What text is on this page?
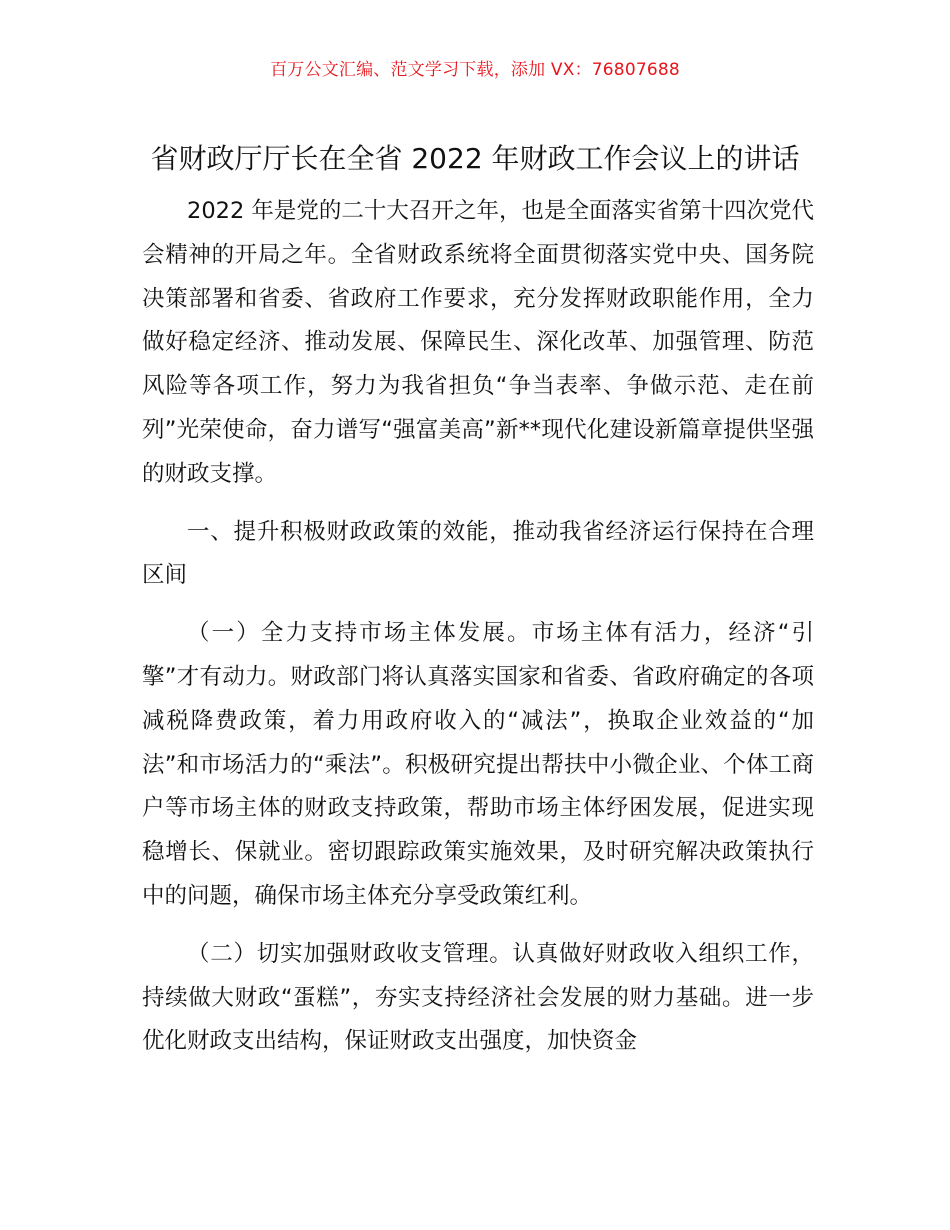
百万公文汇编、范文学习下载，添加 VX：76807688
省财政厅厅长在全省 2022 年财政工作会议上的讲话

2022 年是党的二十大召开之年，也是全面落实省第十四次党代会精神的开局之年。全省财政系统将全面贯彻落实党中央、国务院决策部署和省委、省政府工作要求，充分发挥财政职能作用，全力做好稳定经济、推动发展、保障民生、深化改革、加强管理、防范风险等各项工作，努力为我省担负“争当表率、争做示范、走在前列”光荣使命，奋力谱写“强富美高”新**现代化建设新篇章提供坚强的财政支撑。

一、提升积极财政政策的效能，推动我省经济运行保持在合理区间

（一）全力支持市场主体发展。市场主体有活力，经济“引擎”才有动力。财政部门将认真落实国家和省委、省政府确定的各项减税降费政策，着力用政府收入的“减法”，换取企业效益的“加法”和市场活力的“乘法”。积极研究提出帮扶中小微企业、个体工商户等市场主体的财政支持政策，帮助市场主体纾困发展，促进实现稳增长、保就业。密切跟踪政策实施效果，及时研究解决政策执行中的问题，确保市场主体充分享受政策红利。

（二）切实加强财政收支管理。认真做好财政收入组织工作，持续做大财政“蛋糕”，夯实支持经济社会发展的财力基础。进一步优化财政支出结构，保证财政支出强度，加快资金
